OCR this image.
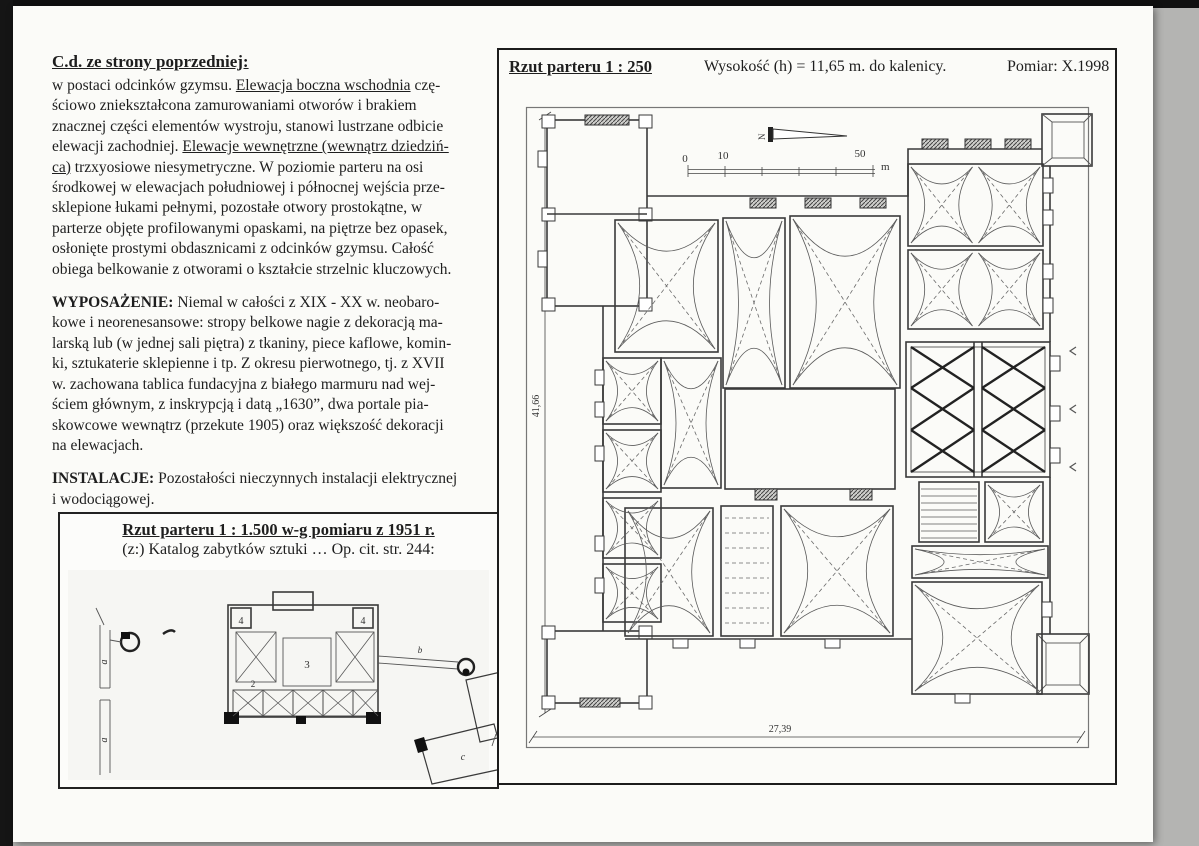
C.d. ze strony poprzedniej:
w postaci odcinków gzymsu. Elewacja boczna wschodnia czę-
ściowo zniekształcona zamurowaniami otworów i brakiem
znacznej części elementów wystroju, stanowi lustrzane odbicie
elewacji zachodniej. Elewacje wewnętrzne (wewnątrz dziedziń-
ca) trzxyosiowe niesymetryczne. W poziomie parteru na osi
środkowej w elewacjach południowej i północnej wejścia prze-
sklepione łukami pełnymi, pozostałe otwory prostokątne, w
parterze objęte profilowanymi opaskami, na piętrze bez opasek,
osłonięte prostymi obdasznicami z odcinków gzymsu. Całość
obiega belkowanie z otworami o kształcie strzelnic kluczowych.
WYPOSAŻENIE: Niemal w całości z XIX - XX w. neobaro-
kowe i neorenesansowe: stropy belkowe nagie z dekoracją ma-
larską lub (w jednej sali piętra) z tkaniny, piece kaflowe, komin-
ki, sztukaterie sklepienne i tp. Z okresu pierwotnego, tj. z XVII
w. zachowana tablica fundacyjna z białego marmuru nad wej-
ściem głównym, z inskrypcją i datą „1630”, dwa portale pia-
skowcowe wewnątrz (przekute 1905) oraz większość dekoracji
na elewacjach.
INSTALACJE: Pozostałości nieczynnych instalacji elektrycznej
i wodociągowej.
Rzut parteru 1 : 1.500 w-g pomiaru z 1951 r.
(z:) Katalog zabytków sztuki … Op. cit. str. 244:
a
a
4	4
3
2
b
c
Rzut parteru 1 : 250	Wysokość (h) = 11,65 m. do kalenicy.	Pomiar: X.1998
41,66
27,39
N
0	10	50
m
